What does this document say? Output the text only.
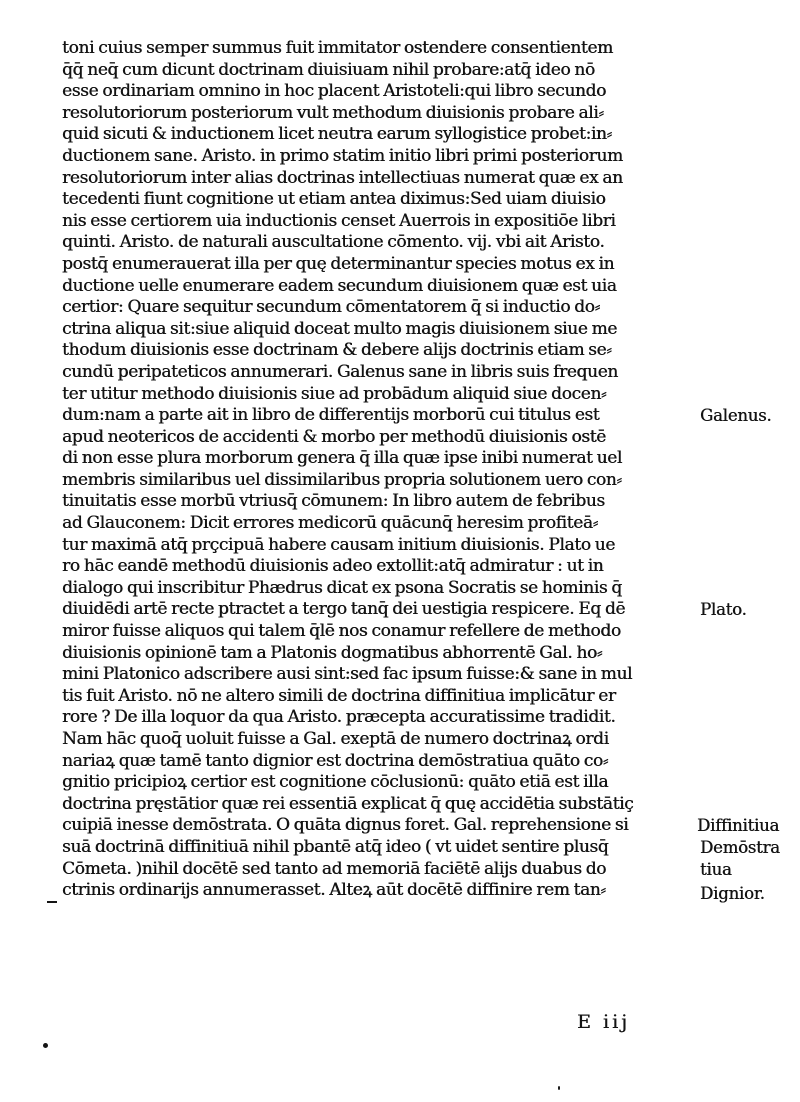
toni cuius semper summus fuit immitator ostendere consentientem
q̄q̄ neq̄ cum dicunt doctrinam diuisiuam nihil probare:atq̄ ideo nō
esse ordinariam omnino in hoc placent Aristoteli:qui libro secundo
resolutoriorum posteriorum vult methodum diuisionis probare ali⸗
quid sicuti & inductionem licet neutra earum syllogistice probet:in⸗
ductionem sane. Aristo. in primo statim initio libri primi posteriorum
resolutoriorum inter alias doctrinas intellectiuas numerat quæ ex an
tecedenti fiunt cognitione ut etiam antea diximus:Sed uiam diuisio
nis esse certiorem uia inductionis censet Auerrois in expositiōe libri
quinti. Aristo. de naturali auscultatione cōmento. vij. vbi ait Aristo.
postq̄ enumerauerat illa per quę determinantur species motus ex in
ductione uelle enumerare eadem secundum diuisionem quæ est uia
certior: Quare sequitur secundum cōmentatorem q̄ si inductio do⸗
ctrina aliqua sit:siue aliquid doceat multo magis diuisionem siue me
thodum diuisionis esse doctrinam & debere alijs doctrinis etiam se⸗
cundū peripateticos annumerari. Galenus sane in libris suis frequen
ter utitur methodo diuisionis siue ad probādum aliquid siue docen⸗
dum:nam a parte ait in libro de differentijs morborū cui titulus est
apud neotericos de accidenti & morbo per methodū diuisionis ostē
di non esse plura morborum genera q̄ illa quæ ipse inibi numerat uel
membris similaribus uel dissimilaribus propria solutionem uero con⸗
tinuitatis esse morbū vtriusq̄ cōmunem: In libro autem de febribus
ad Glauconem: Dicit errores medicorū quācunq̄ heresim profiteā⸗
tur maximā atq̄ prçcipuā habere causam initium diuisionis. Plato ue
ro hāc eandē methodū diuisionis adeo extollit:atq̄ admiratur : ut in
dialogo qui inscribitur Phædrus dicat ex psona Socratis se hominis q̄
diuidēdi artē recte ptractet a tergo tanq̄ dei uestigia respicere. Eq dē
miror fuisse aliquos qui talem q̄lē nos conamur refellere de methodo
diuisionis opinionē tam a Platonis dogmatibus abhorrentē Gal. ho⸗
mini Platonico adscribere ausi sint:sed fac ipsum fuisse:& sane in mul
tis fuit Aristo. nō ne altero simili de doctrina diffinitiua implicātur er
rore ? De illa loquor da qua Aristo. præcepta accuratissime tradidit.
Nam hāc quoq̄ uoluit fuisse a Gal. exeptā de numero doctrinaꝝ ordi
nariaꝝ quæ tamē tanto dignior est doctrina demōstratiua quāto co⸗
gnitio pricipioꝝ certior est cognitione cōclusionū: quāto etiā est illa
doctrina pręstātior quæ rei essentiā explicat q̄ quę accidētia substātiç
cuipiā inesse demōstrata. O quāta dignus foret. Gal. reprehensione si
suā doctrinā diffinitiuā nihil pbantē atq̄ ideo ( vt uidet sentire plusq̄
Cōmeta. )nihil docētē sed tanto ad memoriā faciētē alijs duabus do
ctrinis ordinarijs annumerasset. Alteꝝ aūt docētē diffinire rem tan⸗
Galenus.
Plato.
Diffinitiua
Demōstra
tiua
Dignior.
E iij
